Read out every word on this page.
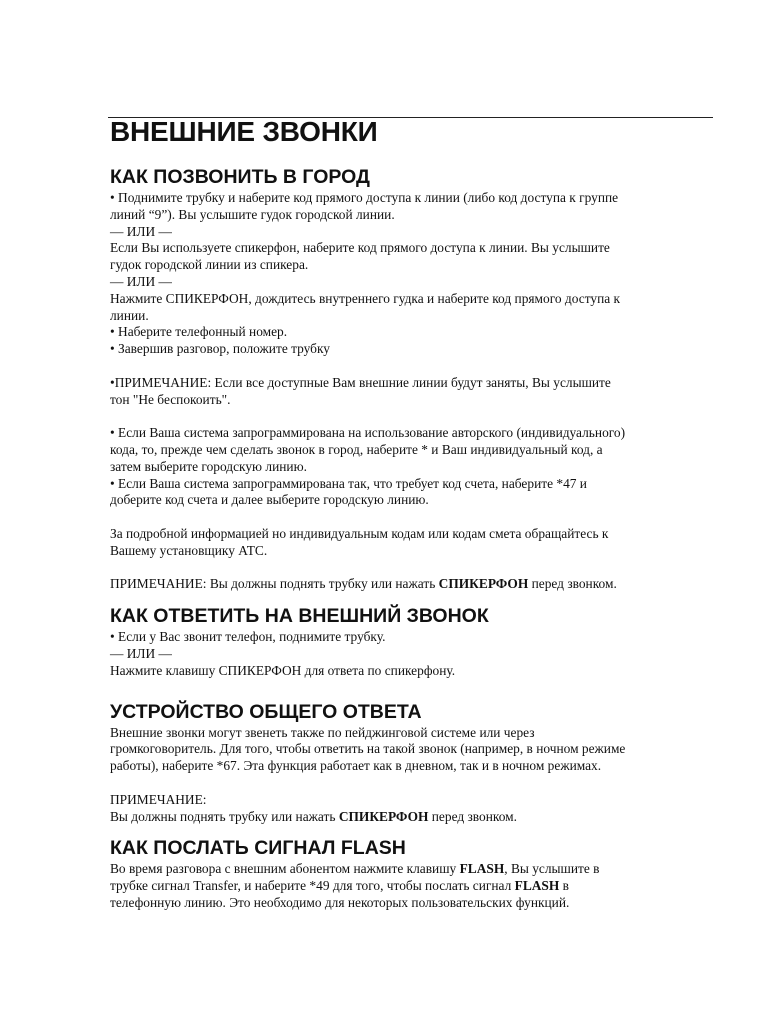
ВНЕШНИЕ ЗВОНКИ
КАК ПОЗВОНИТЬ В ГОРОД

• Поднимите трубку и наберите код прямого доступа к линии (либо код доступа к группе

линий “9”). Вы услышите гудок городской линии.

— ИЛИ —

Если Вы используете спикерфон, наберите код прямого доступа к линии. Вы услышите

гудок городской линии из спикера.

— ИЛИ —

Нажмите СПИКЕРФОН, дождитесь внутреннего гудка и наберите код прямого доступа к

линии.

• Наберите телефонный номер.

• Завершив разговор, положите трубку

•ПРИМЕЧАНИЕ: Если все доступные Вам внешние линии будут заняты, Вы услышите

тон "Не беспокоить".

• Если Ваша система запрограммирована на использование авторского (индивидуального)

кода, то, прежде чем сделать звонок в город, наберите * и Ваш индивидуальный код, а

затем выберите городскую линию.

• Если Ваша система запрограммирована так, что требует код счета, наберите *47 и

доберите код счета и далее выберите городскую линию.

За подробной информацией но индивидуальным кодам или кодам смета обращайтесь к

Вашему установщику АТС.

ПРИМЕЧАНИЕ: Вы должны поднять трубку или нажать СПИКЕРФОН перед звонком.

КАК ОТВЕТИТЬ НА ВНЕШНИЙ ЗВОНОК

• Если у Вас звонит телефон, поднимите трубку.

— ИЛИ —

Нажмите клавишу СПИКЕРФОН для ответа по спикерфону.

УСТРОЙСТВО ОБЩЕГО ОТВЕТА

Внешние звонки могут звенеть также по пейджинговой системе или через

громкоговоритель. Для того, чтобы ответить на такой звонок (например, в ночном режиме

работы), наберите *67. Эта функция работает как в дневном, так и в ночном режимах.

ПРИМЕЧАНИЕ:

Вы должны поднять трубку или нажать СПИКЕРФОН перед звонком.

КАК ПОСЛАТЬ СИГНАЛ FLASH

Во время разговора с внешним абонентом нажмите клавишу FLASH, Вы услышите в

трубке сигнал Transfer, и наберите *49 для того, чтобы послать сигнал FLASH в

телефонную линию. Это необходимо для некоторых пользовательских функций.
